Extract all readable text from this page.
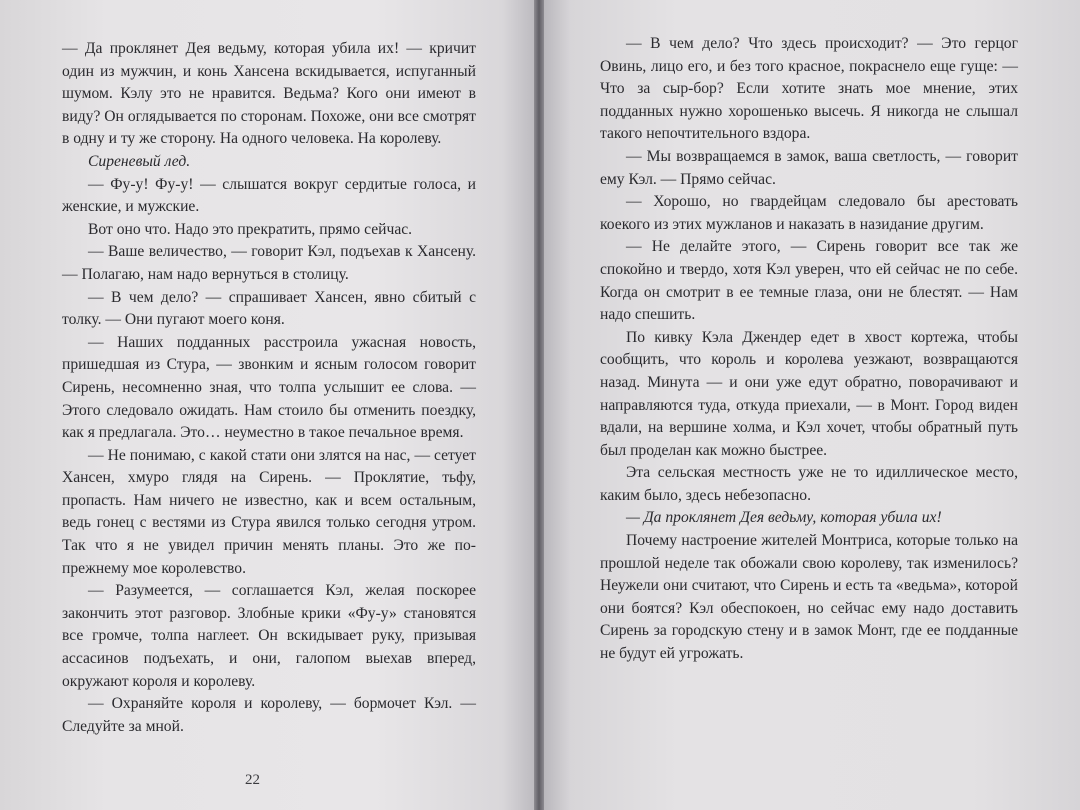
— Да проклянет Дея ведьму, которая убила их! — кричит один из мужчин, и конь Хансена вскидывается, испуганный шумом. Кэлу это не нравится. Ведьма? Кого они имеют в виду? Он оглядывается по сторонам. Похоже, они все смотрят в одну и ту же сторону. На одного человека. На королеву.

Сиреневый лед.

— Фу-у! Фу-у! — слышатся вокруг сердитые голоса, и женские, и мужские.

Вот оно что. Надо это прекратить, прямо сейчас.

— Ваше величество, — говорит Кэл, подъехав к Хансену. — Полагаю, нам надо вернуться в столицу.

— В чем дело? — спрашивает Хансен, явно сбитый с толку. — Они пугают моего коня.

— Наших подданных расстроила ужасная новость, пришедшая из Стура, — звонким и ясным голосом говорит Сирень, несомненно зная, что толпа услышит ее слова. — Этого следовало ожидать. Нам стоило бы отменить поездку, как я предлагала. Это… неуместно в такое печальное время.

— Не понимаю, с какой стати они злятся на нас, — сетует Хансен, хмуро глядя на Сирень. — Проклятие, тьфу, пропасть. Нам ничего не известно, как и всем остальным, ведь гонец с вестями из Стура явился только сегодня утром. Так что я не увидел причин менять планы. Это же по-прежнему мое королевство.

— Разумеется, — соглашается Кэл, желая поскорее закончить этот разговор. Злобные крики «Фу-у» становятся все громче, толпа наглеет. Он вскидывает руку, призывая ассасинов подъехать, и они, галопом выехав вперед, окружают короля и королеву.

— Охраняйте короля и королеву, — бормочет Кэл. — Следуйте за мной.

22

— В чем дело? Что здесь происходит? — Это герцог Овинь, лицо его, и без того красное, покраснело еще гуще: — Что за сыр-бор? Если хотите знать мое мнение, этих подданных нужно хорошенько высечь. Я никогда не слышал такого непочтительного вздора.

— Мы возвращаемся в замок, ваша светлость, — говорит ему Кэл. — Прямо сейчас.

— Хорошо, но гвардейцам следовало бы арестовать коекого из этих мужланов и наказать в назидание другим.

— Не делайте этого, — Сирень говорит все так же спокойно и твердо, хотя Кэл уверен, что ей сейчас не по себе. Когда он смотрит в ее темные глаза, они не блестят. — Нам надо спешить.

По кивку Кэла Джендер едет в хвост кортежа, чтобы сообщить, что король и королева уезжают, возвращаются назад. Минута — и они уже едут обратно, поворачивают и направляются туда, откуда приехали, — в Монт. Город виден вдали, на вершине холма, и Кэл хочет, чтобы обратный путь был проделан как можно быстрее.

Эта сельская местность уже не то идиллическое место, каким было, здесь небезопасно.

— Да проклянет Дея ведьму, которая убила их!

Почему настроение жителей Монтриса, которые только на прошлой неделе так обожали свою королеву, так изменилось? Неужели они считают, что Сирень и есть та «ведьма», которой они боятся? Кэл обеспокоен, но сейчас ему надо доставить Сирень за городскую стену и в замок Монт, где ее подданные не будут ей угрожать.
